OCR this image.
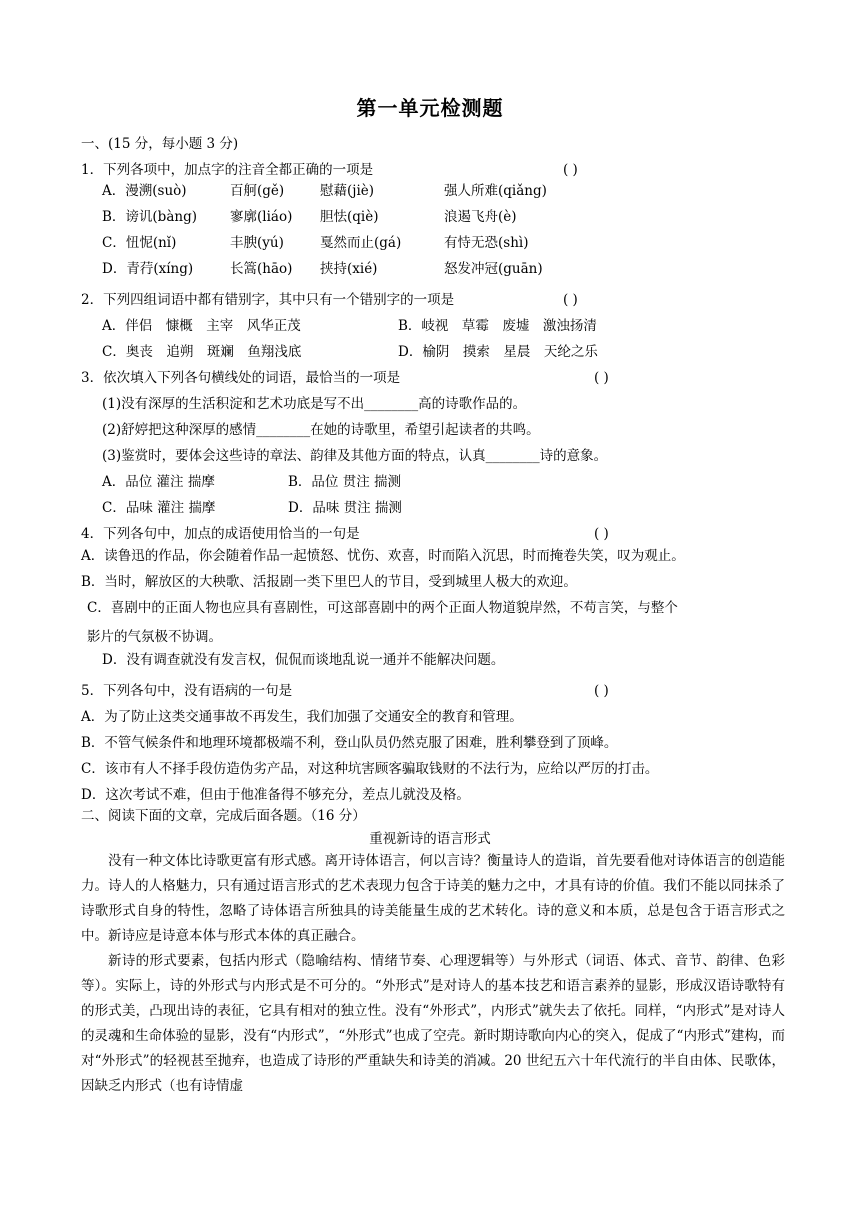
第一单元检测题
一、(15 分，每小题 3 分)
1．下列各项中，加点字的注音全都正确的一项是	( )
A．漫溯(suò)	百舸(gě)	慰藉(jiè)	强人所难(qiǎng)
B．谤讥(bàng) 寥廓(liáo) 胆怯(qiè)	浪遏飞舟(è)
C．忸怩(nǐ)	丰腴(yú)	戛然而止(gá)	有恃无恐(shì)
D．青荇(xíng)	长篙(hāo) 挟持(xié)	怒发冲冠(guān)
2．下列四组词语中都有错别字，其中只有一个错别字的一项是	( )
A．伴侣　慷概　主宰　风华正茂	B．岐视　草霉　废墟　激浊扬清
C．奥丧　追朔　斑斓　鱼翔浅底	D．榆阴　摸索　星晨　天纶之乐
3．依次填入下列各句横线处的词语，最恰当的一项是	( )
(1)没有深厚的生活积淀和艺术功底是写不出________高的诗歌作品的。
(2)舒婷把这种深厚的感情________在她的诗歌里，希望引起读者的共鸣。
(3)鉴赏时，要体会这些诗的章法、韵律及其他方面的特点，认真________诗的意象。
A．品位 灌注 揣摩	B．品位 贯注 揣测
C．品味 灌注 揣摩	D．品味 贯注 揣测
4．下列各句中，加点的成语使用恰当的一句是	( )
A．读鲁迅的作品，你会随着作品一起愤怒、忧伤、欢喜，时而陷入沉思，时而掩卷失笑，叹为观止。
B．当时，解放区的大秧歌、活报剧一类下里巴人的节目，受到城里人极大的欢迎。
C．喜剧中的正面人物也应具有喜剧性，可这部喜剧中的两个正面人物道貌岸然，不苟言笑，与整个
影片的气氛极不协调。
D．没有调查就没有发言权，侃侃而谈地乱说一通并不能解决问题。
5．下列各句中，没有语病的一句是	( )
A．为了防止这类交通事故不再发生，我们加强了交通安全的教育和管理。
B．不管气候条件和地理环境都极端不利，登山队员仍然克服了困难，胜利攀登到了顶峰。
C．该市有人不择手段仿造伪劣产品，对这种坑害顾客骗取钱财的不法行为，应给以严厉的打击。
D．这次考试不难，但由于他准备得不够充分，差点儿就没及格。
二、阅读下面的文章，完成后面各题。（16 分）
重视新诗的语言形式
没有一种文体比诗歌更富有形式感。离开诗体语言，何以言诗？衡量诗人的造诣，首先要看他对诗体语言的创造能力。诗人的人格魅力，只有通过语言形式的艺术表现力包含于诗美的魅力之中，才具有诗的价值。我们不能以同抹杀了诗歌形式自身的特性，忽略了诗体语言所独具的诗美能量生成的艺术转化。诗的意义和本质，总是包含于语言形式之中。新诗应是诗意本体与形式本体的真正融合。
新诗的形式要素，包括内形式（隐喻结构、情绪节奏、心理逻辑等）与外形式（词语、体式、音节、韵律、色彩等）。实际上，诗的外形式与内形式是不可分的。“外形式”是对诗人的基本技艺和语言素养的显影，形成汉语诗歌特有的形式美，凸现出诗的表征，它具有相对的独立性。没有“外形式”，内形式”就失去了依托。同样，“内形式”是对诗人的灵魂和生命体验的显影，没有“内形式”，“外形式”也成了空壳。新时期诗歌向内心的突入，促成了“内形式”建构，而对“外形式”的轻视甚至抛弃，也造成了诗形的严重缺失和诗美的消减。20 世纪五六十年代流行的半自由体、民歌体，因缺乏内形式（也有诗情虚
